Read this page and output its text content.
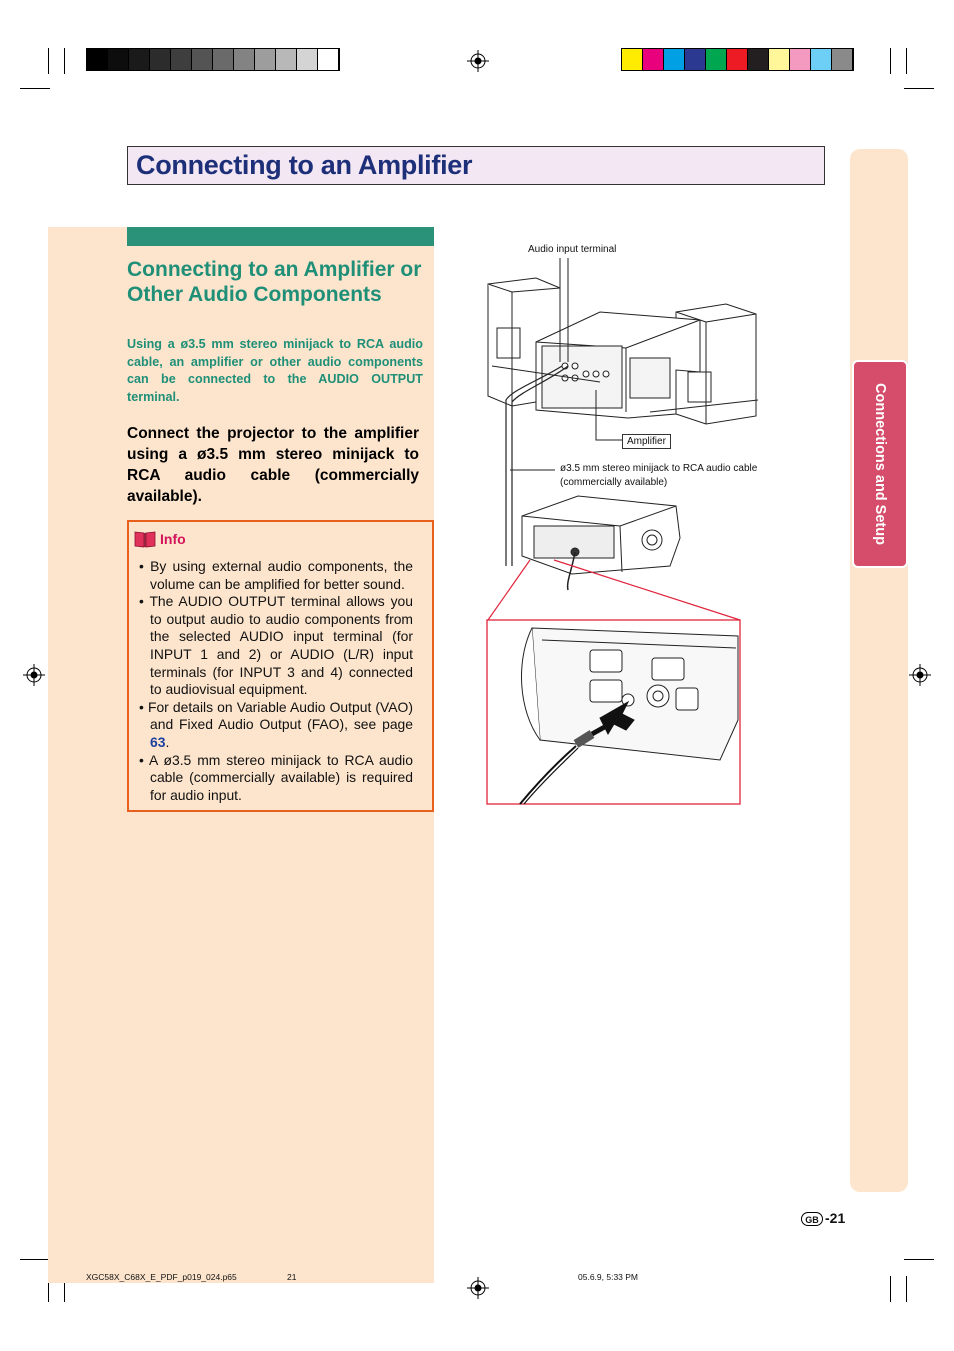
Connecting to an Amplifier
Connecting to an Amplifier or Other Audio Components
Using a ø3.5 mm stereo minijack to RCA audio cable, an amplifier or other audio components can be connected to the AUDIO OUTPUT terminal.
Connect the projector to the amplifier using a ø3.5 mm stereo minijack to RCA audio cable (commercially available).
Info
• By using external audio components, the volume can be amplified for better sound.
• The AUDIO OUTPUT terminal allows you to output audio to audio components from the selected AUDIO input terminal (for INPUT 1 and 2) or AUDIO (L/R) input terminals (for INPUT 3 and 4) connected to audiovisual equipment.
• For details on Variable Audio Output (VAO) and Fixed Audio Output (FAO), see page 63.
• A ø3.5 mm stereo minijack to RCA audio cable (commercially available) is required for audio input.
Audio input terminal
Amplifier
ø3.5 mm stereo minijack to RCA audio cable
(commercially available)	Connections and Setup
GB -21
XGC58X_C68X_E_PDF_p019_024.p65	21	05.6.9, 5:33 PM
